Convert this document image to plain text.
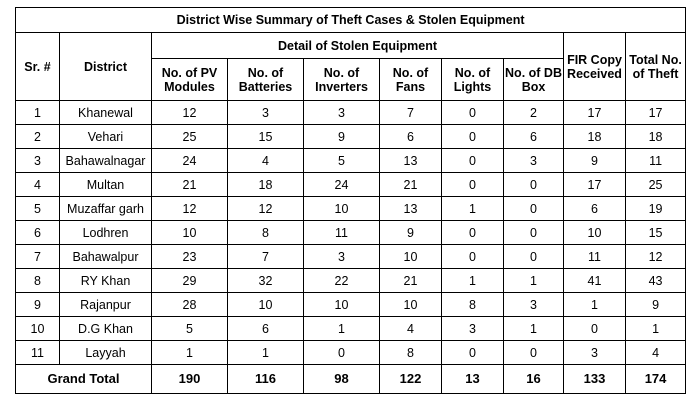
District Wise Summary of Theft Cases & Stolen Equipment									
Sr. #	District	Detail of Stolen Equipment						FIR Copy Received	Total No. of Theft
		No. of PV Modules	No. of Batteries	No. of Inverters	No. of Fans	No. of Lights	No. of DB Box		
1	Khanewal	12	3	3	7	0	2	17	17
2	Vehari	25	15	9	6	0	6	18	18
3	Bahawalnagar	24	4	5	13	0	3	9	11
4	Multan	21	18	24	21	0	0	17	25
5	Muzaffar garh	12	12	10	13	1	0	6	19
6	Lodhren	10	8	11	9	0	0	10	15
7	Bahawalpur	23	7	3	10	0	0	11	12
8	RY Khan	29	32	22	21	1	1	41	43
9	Rajanpur	28	10	10	10	8	3	1	9
10	D.G Khan	5	6	1	4	3	1	0	1
11	Layyah	1	1	0	8	0	0	3	4
Grand Total		190	116	98	122	13	16	133	174
